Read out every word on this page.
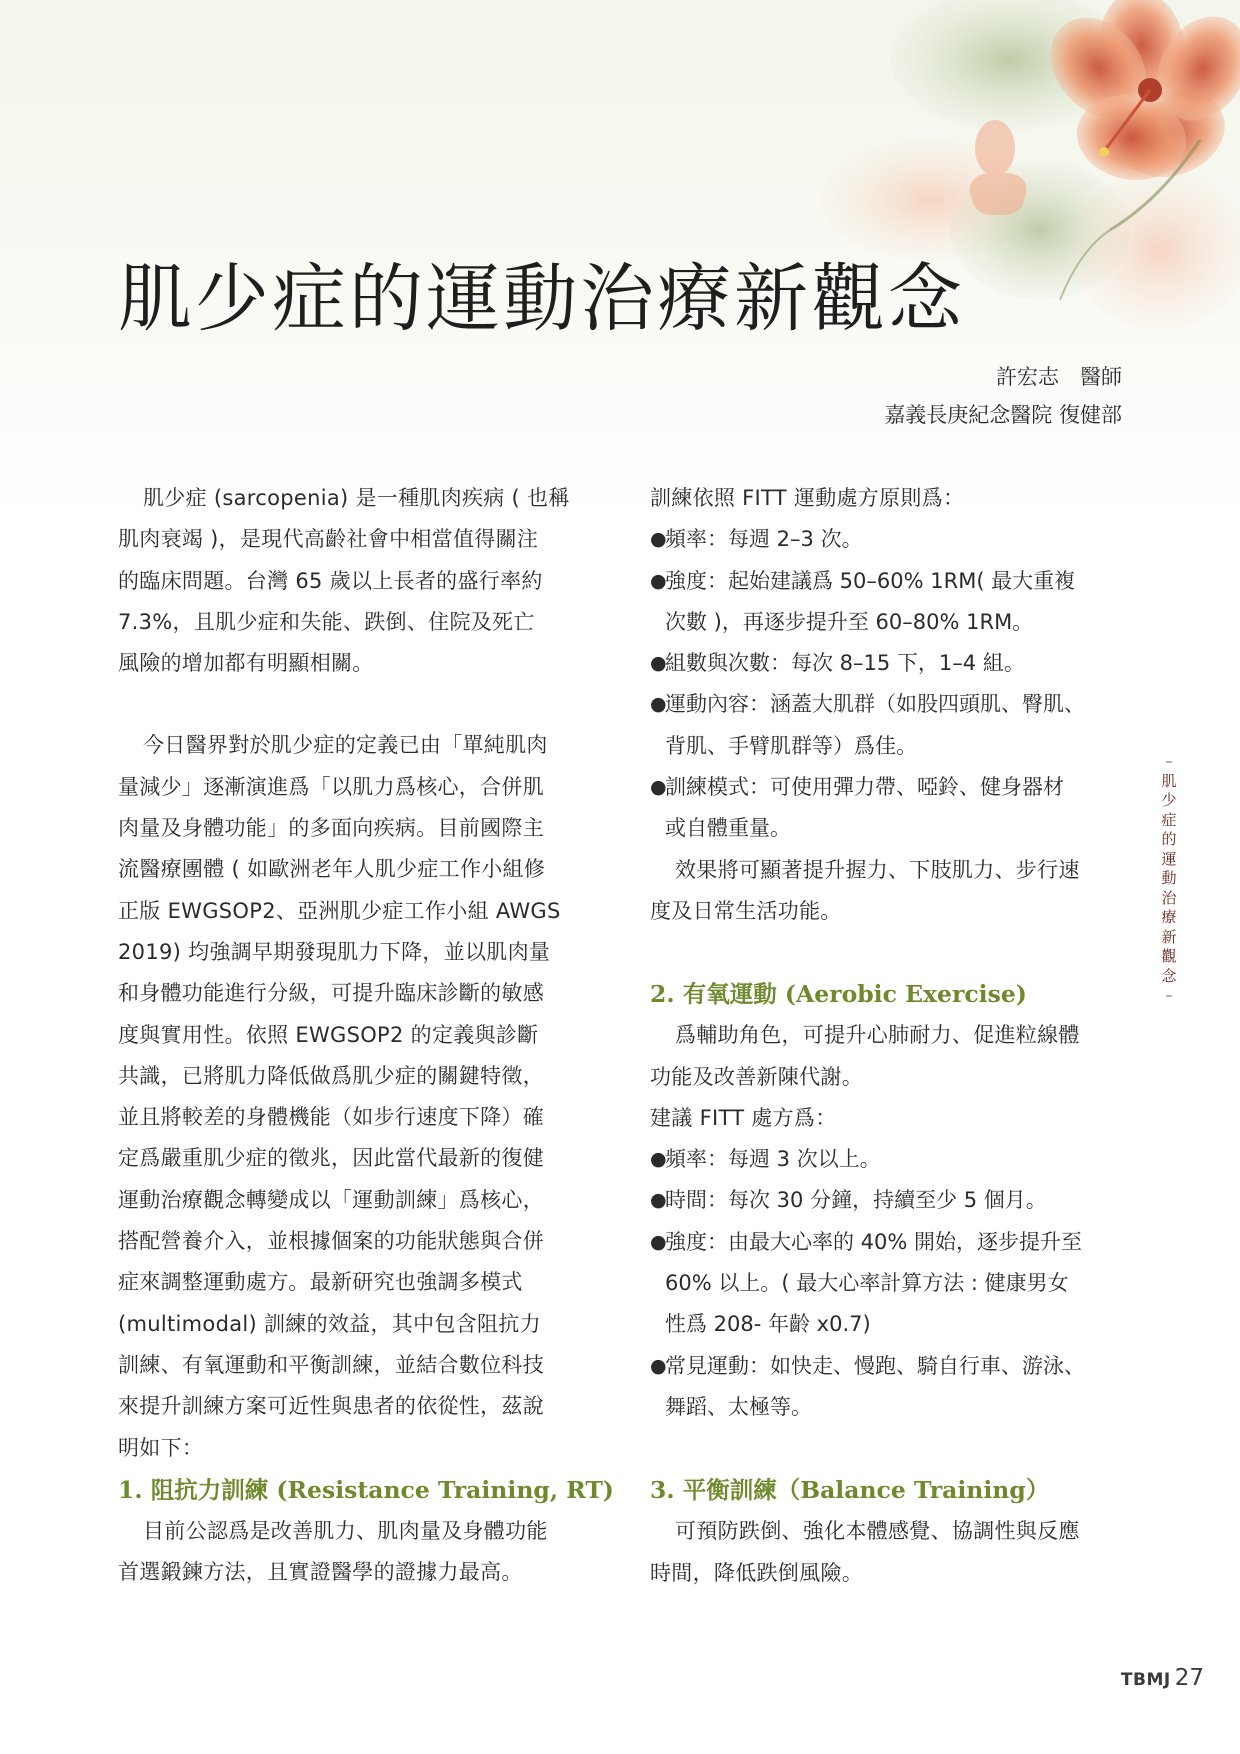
肌少症的運動治療新觀念
許宏志　醫師
嘉義長庚紀念醫院 復健部
肌少症 (sarcopenia) 是一種肌肉疾病 ( 也稱
肌肉衰竭 )，是現代高齡社會中相當值得關注
的臨床問題。台灣 65 歲以上長者的盛行率約
7.3%，且肌少症和失能、跌倒、住院及死亡
風險的增加都有明顯相關。
今日醫界對於肌少症的定義已由「單純肌肉
量減少」逐漸演進爲「以肌力爲核心，合併肌
肉量及身體功能」的多面向疾病。目前國際主
流醫療團體 ( 如歐洲老年人肌少症工作小組修
正版 EWGSOP2、亞洲肌少症工作小組 AWGS
2019) 均強調早期發現肌力下降，並以肌肉量
和身體功能進行分級，可提升臨床診斷的敏感
度與實用性。依照 EWGSOP2 的定義與診斷
共識，已將肌力降低做爲肌少症的關鍵特徵，
並且將較差的身體機能（如步行速度下降）確
定爲嚴重肌少症的徵兆，因此當代最新的復健
運動治療觀念轉變成以「運動訓練」爲核心，
搭配營養介入，並根據個案的功能狀態與合併
症來調整運動處方。最新研究也強調多模式
(multimodal) 訓練的效益，其中包含阻抗力
訓練、有氧運動和平衡訓練，並結合數位科技
來提升訓練方案可近性與患者的依從性，茲說
明如下：
1. 阻抗力訓練 (Resistance Training, RT)
目前公認爲是改善肌力、肌肉量及身體功能
首選鍛鍊方法，且實證醫學的證據力最高。
訓練依照 FITT 運動處方原則爲：
●
頻率：每週 2–3 次。
●
強度：起始建議爲 50–60% 1RM( 最大重複
次數 )，再逐步提升至 60–80% 1RM。
●
組數與次數：每次 8–15 下，1–4 組。
●
運動內容：涵蓋大肌群（如股四頭肌、臀肌、
背肌、手臂肌群等）爲佳。
●
訓練模式：可使用彈力帶、啞鈴、健身器材
或自體重量。
效果將可顯著提升握力、下肢肌力、步行速
度及日常生活功能。
2. 有氧運動 (Aerobic Exercise)
爲輔助角色，可提升心肺耐力、促進粒線體
功能及改善新陳代謝。
建議 FITT 處方爲：
●
頻率：每週 3 次以上。
●
時間：每次 30 分鐘，持續至少 5 個月。
●
強度：由最大心率的 40% 開始，逐步提升至
60% 以上。( 最大心率計算方法 : 健康男女
性爲 208- 年齡 x0.7)
●
常見運動：如快走、慢跑、騎自行車、游泳、
舞蹈、太極等。
3. 平衡訓練（Balance Training）
可預防跌倒、強化本體感覺、協調性與反應
時間，降低跌倒風險。
–
肌
少
症
的
運
動
治
療
新
觀
念
–
TBMJ 27
